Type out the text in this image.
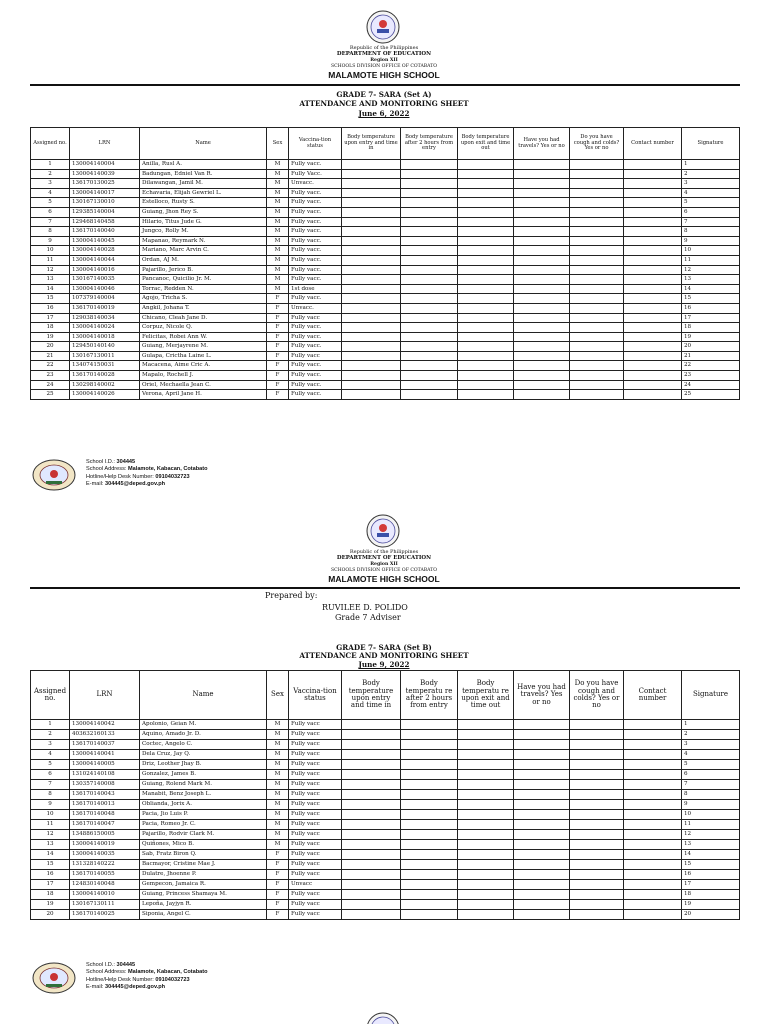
Republic of the Philippines
DEPARTMENT OF EDUCATION
Region XII
SCHOOLS DIVISION OFFICE OF COTABATO
MALAMOTE HIGH SCHOOL
GRADE 7- SARA (Set A)
ATTENDANCE AND MONITORING SHEET
June 6, 2022
Assigned no.	LRN	Name	Sex	Vaccina-tion status	Body temperature upon entry and time in	Body temperature after 2 hours from entry	Body temperature upon exit and time out	Have you had travels? Yes or no	Do you have cough and colds? Yes or no	Contact number	Signature
1	130004140004	Anilla, Rusl A.	M	Fully vacc.							1
2	130004140039	Badungan, Edniel Van R.	M	Fully Vacc.							2
3	136170130025	Dilawangan, Jamil M.	M	Unvacc.							3
4	130004140017	Echavaria, Elijah Gewriel L.	M	Fully vacc.							4
5	130167130010	Estelloco, Rusty S.	M	Fully vacc.							5
6	129385140004	Guiang, Jhon Rey S.	M	Fully vacc.							6
7	129468140458	Hilario, Titus Jude G.	M	Fully vacc.							7
8	136170140040	Jungco, Rolly M.	M	Fully vacc.							8
9	130004140045	Mapanao, Reymark N.	M	Fully vacc.							9
10	130004140028	Mariano, Marc Arvin C.	M	Fully vacc.							10
11	130004140044	Ordan, AJ M.	M	Fully vacc.							11
12	130004140016	Pajarillo, Jerico B.	M	Fully vacc.							12
13	130167140035	Pancanoc, Quicilio Jr. M.	M	Fully vacc.							13
14	130004140046	Torrac, Redden N.	M	1st dose							14
15	107379140004	Agojo, Tricha S.	F	Fully vacc.							15
16	136170140019	Angkil, Johana T.	F	Unvacc.							16
17	129038140034	Chicano, Cleah Jane D.	F	Fully vacc							17
18	130004140024	Corpuz, Nicole Q.	F	Fully vacc.							18
19	130004140018	Felicitas, Robei Ann W.	F	Fully vacc.							19
20	129450140140	Guiang, Merjayrene M.	F	Fully vacc.							20
21	130167130011	Gulapa, Crictha Laine L.	F	Fully vacc							21
22	134074150031	Macacena, Aime Cric A.	F	Fully vacc.							22
23	136170140028	Mapalo, Rochell J.	F	Fully vacc.							23
24	130298140002	Oriel, Mechaella Jean C.	F	Fully vacc.							24
25	130004140026	Verona, April Jane H.	F	Fully vacc.							25
School I.D.: 304445
School Address: Malamote, Kabacan, Cotabato
Hotline/Help Desk Number: 09104032723
E-mail: 304445@deped.gov.ph
Republic of the Philippines
DEPARTMENT OF EDUCATION
Region XII
SCHOOLS DIVISION OFFICE OF COTABATO
MALAMOTE HIGH SCHOOL
Prepared by:
RUVILEE D. POLIDO
Grade 7 Adviser
GRADE 7- SARA (Set B)
ATTENDANCE AND MONITORING SHEET
June 9, 2022
Assigned no.	LRN	Name	Sex	Vaccina-tion status	Body temperature upon entry and time in	Body temperatu re after 2 hours from entry	Body temperatu re upon exit and time out	Have you had travels? Yes or no	Do you have cough and colds? Yes or no	Contact number	Signature
1	130004140042	Apolonio, Geian M.	M	Fully vacc							1
2	403632160133	Aquino, Amado Jr. D.	M	Fully vacc							2
3	136170140037	Coctec, Angelo C.	M	Fully vacc							3
4	130004140041	Dela Cruz, Jay Q.	M	Fully vacc							4
5	130004140005	Driz, Leother Jhay B.	M	Fully vacc							5
6	131024140108	Gonzalez, James B.	M	Fully vacc							6
7	130357140008	Guiang, Rolend Mark M.	M	Fully vacc							7
8	136170140043	Manabit, Benz Joseph L.	M	Fully vacc							8
9	136170140013	Oblianda, Jorix A.	M	Fully vacc							9
10	136170140048	Pacia, Jio Luis P.	M	Fully vacc							10
11	136170140047	Pacia, Romeo Jr. C.	M	Fully vacc							11
12	134886150005	Pajarillo, Rodvir Clark M.	M	Fully vacc							12
13	130004140019	Quiñones, Mico B.	M	Fully vacc							13
14	130004140035	Sab, Fratz Biron Q.	F	Fully vacc							14
15	131328140222	Bacmayor, Cristine Mae J.	F	Fully vacc							15
16	136170140055	Dulatre, Jhoenne P.	F	Fully vacc							16
17	124830140048	Gempecon, Jamaica R.	F	Unvacc							17
18	130004140010	Guiang, Princess Shamaya M.	F	Fully vacc							18
19	130167130111	Lepoña, Jayjyn R.	F	Fully vacc							19
20	136170140025	Siponia, Angel C.	F	Fully vacc							20
School I.D.: 304445
School Address: Malamote, Kabacan, Cotabato
Hotline/Help Desk Number: 09104032723
E-mail: 304445@deped.gov.ph
